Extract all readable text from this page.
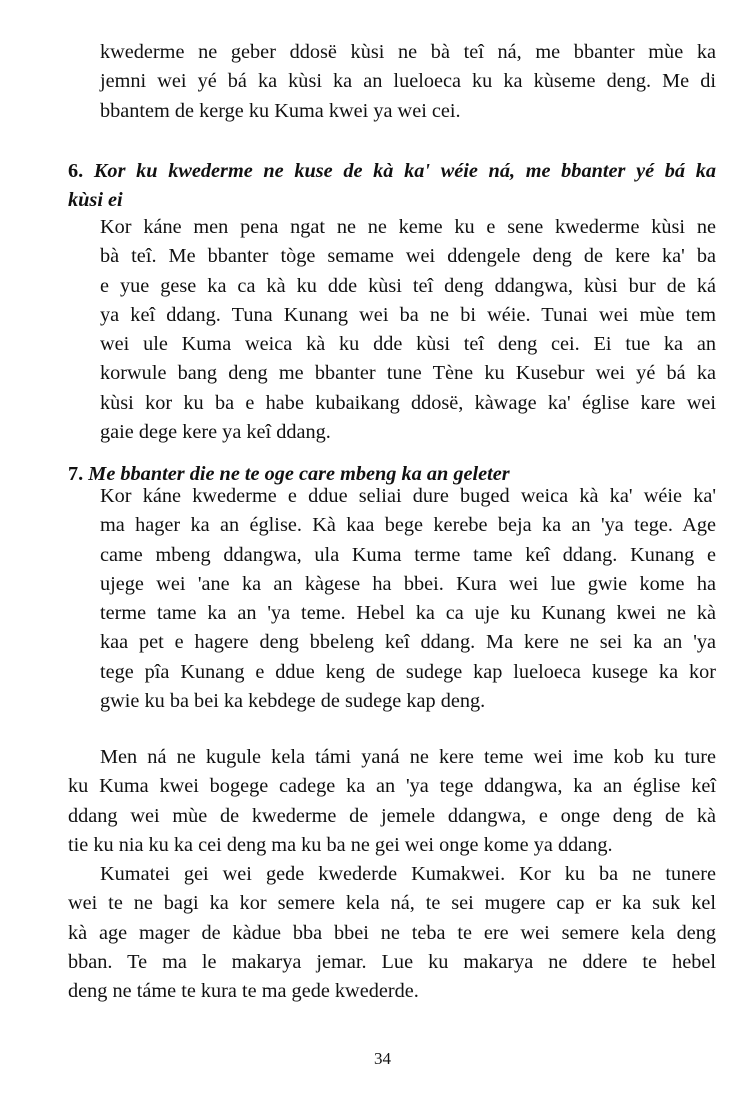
kwederme ne geber ddosë kùsi ne bà teî ná, me bbanter mùe ka
jemni wei yé bá ka kùsi ka an lueloeca ku ka kùseme deng. Me di
bbantem de kerge ku Kuma kwei ya wei cei.
6. Kor ku kwederme ne kuse de kà ka' wéie ná, me bbanter yé bá ka
kùsi ei
Kor káne men pena ngat ne ne keme ku e sene kwederme kùsi ne
bà teî. Me bbanter tòge semame wei ddengele deng de kere ka' ba
e yue gese ka ca kà ku dde kùsi teî deng ddangwa, kùsi bur de ká
ya keî ddang. Tuna Kunang wei ba ne bi wéie. Tunai wei mùe tem
wei ule Kuma weica kà ku dde kùsi teî deng cei. Ei tue ka an
korwule bang deng me bbanter tune Tène ku Kusebur wei yé bá ka
kùsi kor ku ba e habe kubaikang ddosë, kàwage ka' église kare wei
gaie dege kere ya keî ddang.
7. Me bbanter die ne te oge care mbeng ka an geleter
Kor káne kwederme e ddue seliai dure buged weica kà ka' wéie ka'
ma hager ka an église. Kà kaa bege kerebe beja ka an 'ya tege. Age
came mbeng ddangwa, ula Kuma terme tame keî ddang. Kunang e
ujege wei 'ane ka an kàgese ha bbei. Kura wei lue gwie kome ha
terme tame ka an 'ya teme. Hebel ka ca uje ku Kunang kwei ne kà
kaa pet e hagere deng bbeleng keî ddang. Ma kere ne sei ka an 'ya
tege pîa Kunang e ddue keng de sudege kap lueloeca kusege ka kor
gwie ku ba bei ka kebdege de sudege kap deng.
Men ná ne kugule kela támi yaná ne kere teme wei ime kob ku ture
ku Kuma kwei bogege cadege ka an 'ya tege ddangwa, ka an église keî
ddang wei mùe de kwederme de jemele ddangwa, e onge deng de kà
tie ku nia ku ka cei deng ma ku ba ne gei wei onge kome ya ddang.
Kumatei gei wei gede kwederde Kumakwei. Kor ku ba ne tunere
wei te ne bagi ka kor semere kela ná, te sei mugere cap er ka suk kel
kà age mager de kàdue bba bbei ne teba te ere wei semere kela deng
bban. Te ma le makarya jemar. Lue ku makarya ne ddere te hebel
deng ne táme te kura te ma gede kwederde.
34
